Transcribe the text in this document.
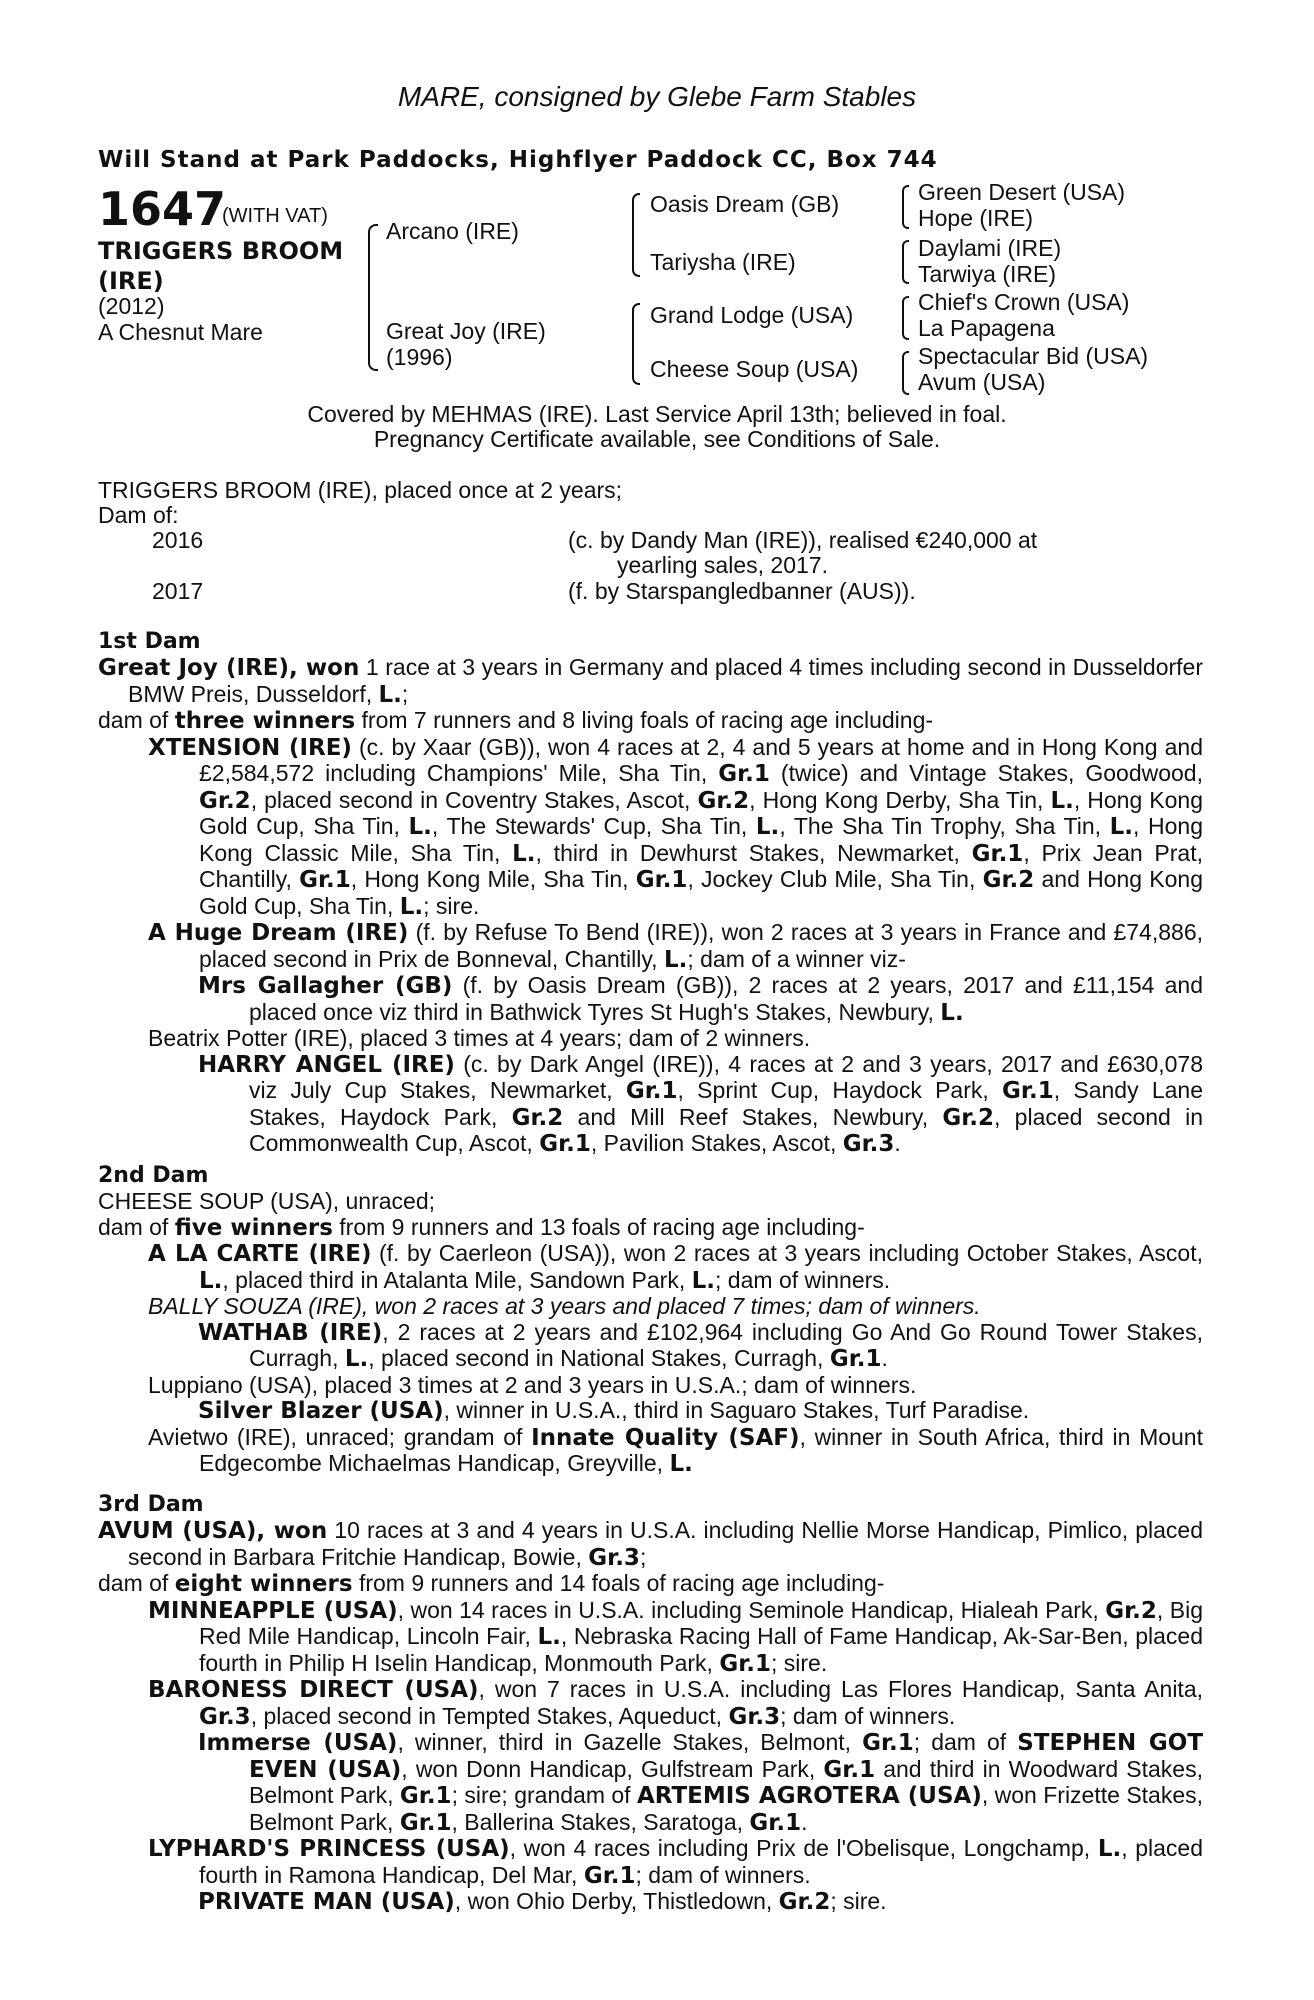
MARE, consigned by Glebe Farm Stables
Will Stand at Park Paddocks, Highflyer Paddock CC, Box 744
1647
(WITH VAT)
TRIGGERS BROOM
(IRE)
(2012)
A Chesnut Mare
Arcano (IRE)
Great Joy (IRE)
(1996)
Oasis Dream (GB)
Tariysha (IRE)
Grand Lodge (USA)
Cheese Soup (USA)
Green Desert (USA)
Hope (IRE)
Daylami (IRE)
Tarwiya (IRE)
Chief's Crown (USA)
La Papagena
Spectacular Bid (USA)
Avum (USA)
Covered by MEHMAS (IRE). Last Service April 13th; believed in foal.
Pregnancy Certificate available, see Conditions of Sale.
TRIGGERS BROOM (IRE), placed once at 2 years;
Dam of:
2016	(c. by Dandy Man (IRE)), realised €240,000 at
yearling sales, 2017.
2017	(f. by Starspangledbanner (AUS)).
1st Dam

Great Joy (IRE), won 1 race at 3 years in Germany and placed 4 times including second in Dusseldorfer BMW Preis, Dusseldorf, L.;

dam of three winners from 7 runners and 8 living foals of racing age including-

XTENSION (IRE) (c. by Xaar (GB)), won 4 races at 2, 4 and 5 years at home and in Hong Kong and £2,584,572 including Champions' Mile, Sha Tin, Gr.1 (twice) and Vintage Stakes, Goodwood, Gr.2, placed second in Coventry Stakes, Ascot, Gr.2, Hong Kong Derby, Sha Tin, L., Hong Kong Gold Cup, Sha Tin, L., The Stewards' Cup, Sha Tin, L., The Sha Tin Trophy, Sha Tin, L., Hong Kong Classic Mile, Sha Tin, L., third in Dewhurst Stakes, Newmarket, Gr.1, Prix Jean Prat, Chantilly, Gr.1, Hong Kong Mile, Sha Tin, Gr.1, Jockey Club Mile, Sha Tin, Gr.2 and Hong Kong Gold Cup, Sha Tin, L.; sire.

A Huge Dream (IRE) (f. by Refuse To Bend (IRE)), won 2 races at 3 years in France and £74,886, placed second in Prix de Bonneval, Chantilly, L.; dam of a winner viz-

Mrs Gallagher (GB) (f. by Oasis Dream (GB)), 2 races at 2 years, 2017 and £11,154 and placed once viz third in Bathwick Tyres St Hugh's Stakes, Newbury, L.

Beatrix Potter (IRE), placed 3 times at 4 years; dam of 2 winners.

HARRY ANGEL (IRE) (c. by Dark Angel (IRE)), 4 races at 2 and 3 years, 2017 and £630,078 viz July Cup Stakes, Newmarket, Gr.1, Sprint Cup, Haydock Park, Gr.1, Sandy Lane Stakes, Haydock Park, Gr.2 and Mill Reef Stakes, Newbury, Gr.2, placed second in Commonwealth Cup, Ascot, Gr.1, Pavilion Stakes, Ascot, Gr.3.

2nd Dam

CHEESE SOUP (USA), unraced;

dam of five winners from 9 runners and 13 foals of racing age including-

A LA CARTE (IRE) (f. by Caerleon (USA)), won 2 races at 3 years including October Stakes, Ascot, L., placed third in Atalanta Mile, Sandown Park, L.; dam of winners.

BALLY SOUZA (IRE), won 2 races at 3 years and placed 7 times; dam of winners.

WATHAB (IRE), 2 races at 2 years and £102,964 including Go And Go Round Tower Stakes, Curragh, L., placed second in National Stakes, Curragh, Gr.1.

Luppiano (USA), placed 3 times at 2 and 3 years in U.S.A.; dam of winners.

Silver Blazer (USA), winner in U.S.A., third in Saguaro Stakes, Turf Paradise.

Avietwo (IRE), unraced; grandam of Innate Quality (SAF), winner in South Africa, third in Mount Edgecombe Michaelmas Handicap, Greyville, L.

3rd Dam

AVUM (USA), won 10 races at 3 and 4 years in U.S.A. including Nellie Morse Handicap, Pimlico, placed second in Barbara Fritchie Handicap, Bowie, Gr.3;

dam of eight winners from 9 runners and 14 foals of racing age including-

MINNEAPPLE (USA), won 14 races in U.S.A. including Seminole Handicap, Hialeah Park, Gr.2, Big Red Mile Handicap, Lincoln Fair, L., Nebraska Racing Hall of Fame Handicap, Ak-Sar-Ben, placed fourth in Philip H Iselin Handicap, Monmouth Park, Gr.1; sire.

BARONESS DIRECT (USA), won 7 races in U.S.A. including Las Flores Handicap, Santa Anita, Gr.3, placed second in Tempted Stakes, Aqueduct, Gr.3; dam of winners.

Immerse (USA), winner, third in Gazelle Stakes, Belmont, Gr.1; dam of STEPHEN GOT EVEN (USA), won Donn Handicap, Gulfstream Park, Gr.1 and third in Woodward Stakes, Belmont Park, Gr.1; sire; grandam of ARTEMIS AGROTERA (USA), won Frizette Stakes, Belmont Park, Gr.1, Ballerina Stakes, Saratoga, Gr.1.

LYPHARD'S PRINCESS (USA), won 4 races including Prix de l'Obelisque, Longchamp, L., placed fourth in Ramona Handicap, Del Mar, Gr.1; dam of winners.

PRIVATE MAN (USA), won Ohio Derby, Thistledown, Gr.2; sire.
